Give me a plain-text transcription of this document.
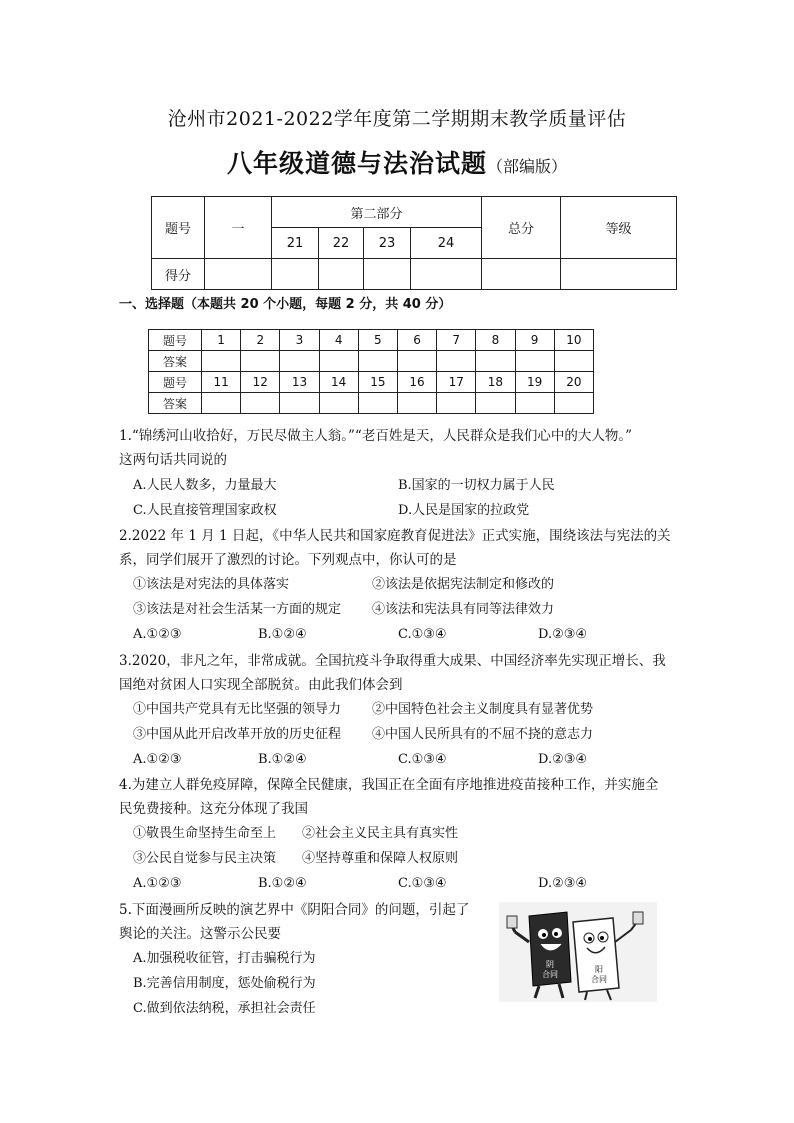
沧州市2021-2022学年度第二学期期末教学质量评估
八年级道德与法治试题（部编版）
题号	一	第二部分				总分	等级
		21	22	23	24		
得分							
一、选择题（本题共 20 个小题，每题 2 分，共 40 分）
题号	1	2	3	4	5	6	7	8	9	10
答案										
题号	11	12	13	14	15	16	17	18	19	20
答案										
1.“锦绣河山收拾好，万民尽做主人翁。”“老百姓是天，人民群众是我们心中的大人物。”
这两句话共同说的
A.人民人数多，力量最大	B.国家的一切权力属于人民
C.人民直接管理国家政权	D.人民是国家的拉政党
2.2022 年 1 月 1 日起，《中华人民共和国家庭教育促进法》正式实施，围绕该法与宪法的关
系，同学们展开了激烈的讨论。下列观点中，你认可的是
①该法是对宪法的具体落实	②该法是依据宪法制定和修改的
③该法是对社会生活某一方面的规定 ④该法和宪法具有同等法律效力
A.①②③	B.①②④	C.①③④	D.②③④
3.2020，非凡之年，非常成就。全国抗疫斗争取得重大成果、中国经济率先实现正增长、我
国绝对贫困人口实现全部脱贫。由此我们体会到
①中国共产党具有无比坚强的领导力 ②中国特色社会主义制度具有显著优势
③中国从此开启改革开放的历史征程 ④中国人民所具有的不屈不挠的意志力
A.①②③	B.①②④	C.①③④	D.②③④
4.为建立人群免疫屏障，保障全民健康，我国正在全面有序地推进疫苗接种工作，并实施全
民免费接种。这充分体现了我国
①敬畏生命坚持生命至上 ②社会主义民主具有真实性
③公民自觉参与民主决策 ④坚持尊重和保障人权原则
A.①②③	B.①②④	C.①③④	D.②③④
5.下面漫画所反映的演艺界中《阴阳合同》的问题，引起了
舆论的关注。这警示公民要
A.加强税收征管，打击骗税行为
B.完善信用制度，惩处偷税行为
C.做到依法纳税，承担社会责任
阴
合同
阳
合同
